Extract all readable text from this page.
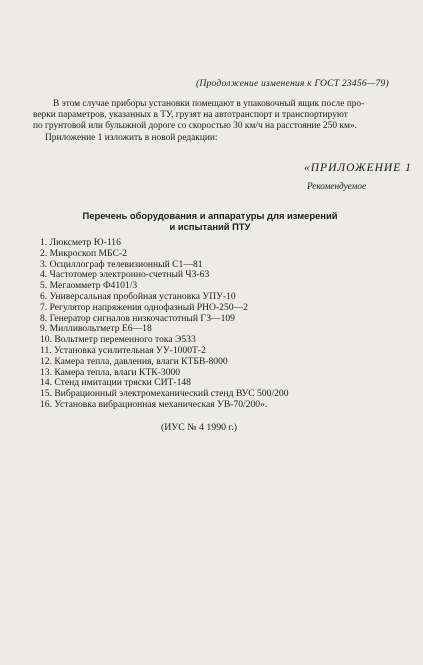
(Продолжение изменения к ГОСТ 23456—79)
В этом случае приборы установки помещают в упаковочный ящик после про-
верки параметров, указанных в ТУ, грузят на автотранспорт и транспортируют
по грунтовой или булыжной дороге со скоростью 30 км/ч на расстояние 250 км».
Приложение 1 изложить в новой редакции:
«ПРИЛОЖЕНИЕ 1
Рекомендуемое
Перечень оборудования и аппаратуры для измерений
и испытаний ПТУ
1. Люксметр Ю-116
2. Микроскоп МБС-2
3. Осциллограф телевизионный С1—81
4. Частотомер электронно-счетный ЧЗ-63
5. Мегаомметр Ф4101/3
6. Универсальная пробойная установка УПУ-10
7. Регулятор напряжения однофазный РНО-250—2
8. Генератор сигналов низкочастотный ГЗ—109
9. Милливольтметр Е6—18
10. Вольтметр переменного тока Э533
11. Установка усилительная УУ-1000Т-2
12. Камера тепла, давления, влаги КТБВ-8000
13. Камера тепла, влаги КТК-3000
14. Стенд имитации тряски СИТ-148
15. Вибрационный электромеханический стенд ВУС 500/200
16. Установка вибрационная механическая УВ-70/200».
(ИУС № 4 1990 г.)
